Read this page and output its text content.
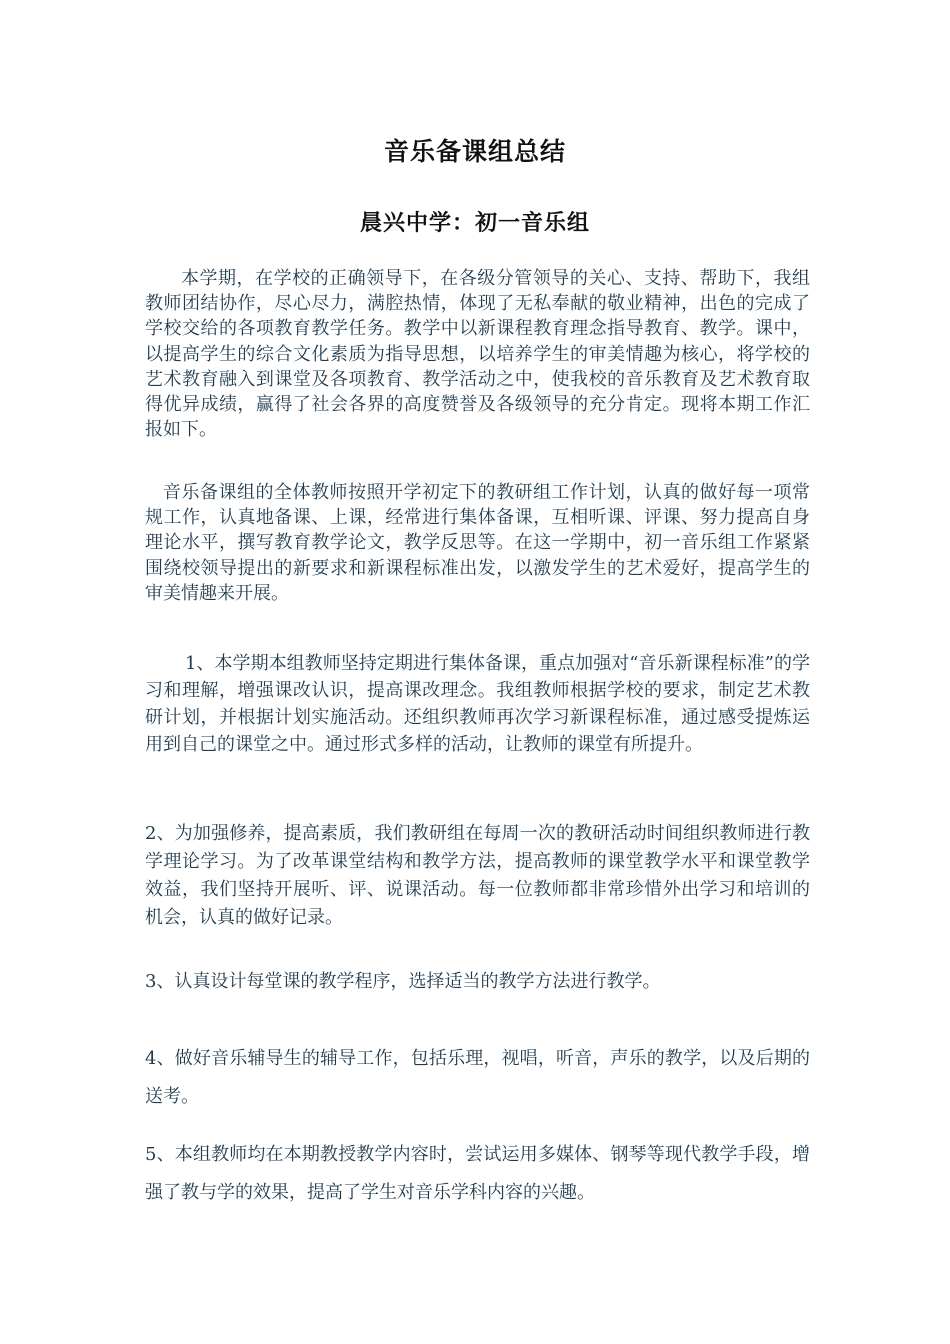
音乐备课组总结
晨兴中学：初一音乐组

本学期，在学校的正确领导下，在各级分管领导的关心、支持、帮助下，我组教师团结协作，尽心尽力，满腔热情，体现了无私奉献的敬业精神，出色的完成了学校交给的各项教育教学任务。教学中以新课程教育理念指导教育、教学。课中，以提高学生的综合文化素质为指导思想，以培养学生的审美情趣为核心，将学校的艺术教育融入到课堂及各项教育、教学活动之中，使我校的音乐教育及艺术教育取得优异成绩，赢得了社会各界的高度赞誉及各级领导的充分肯定。现将本期工作汇报如下。

音乐备课组的全体教师按照开学初定下的教研组工作计划，认真的做好每一项常规工作，认真地备课、上课，经常进行集体备课，互相听课、评课、努力提高自身理论水平，撰写教育教学论文，教学反思等。在这一学期中，初一音乐组工作紧紧围绕校领导提出的新要求和新课程标准出发，以激发学生的艺术爱好，提高学生的审美情趣来开展。

1、本学期本组教师坚持定期进行集体备课，重点加强对“音乐新课程标准”的学习和理解，增强课改认识，提高课改理念。我组教师根据学校的要求，制定艺术教研计划，并根据计划实施活动。还组织教师再次学习新课程标准，通过感受提炼运用到自己的课堂之中。通过形式多样的活动，让教师的课堂有所提升。

2、为加强修养，提高素质，我们教研组在每周一次的教研活动时间组织教师进行教学理论学习。为了改革课堂结构和教学方法，提高教师的课堂教学水平和课堂教学效益，我们坚持开展听、评、说课活动。每一位教师都非常珍惜外出学习和培训的机会，认真的做好记录。

3、认真设计每堂课的教学程序，选择适当的教学方法进行教学。

4、做好音乐辅导生的辅导工作，包括乐理，视唱，听音，声乐的教学，以及后期的送考。

5、本组教师均在本期教授教学内容时，尝试运用多媒体、钢琴等现代教学手段，增强了教与学的效果，提高了学生对音乐学科内容的兴趣。
